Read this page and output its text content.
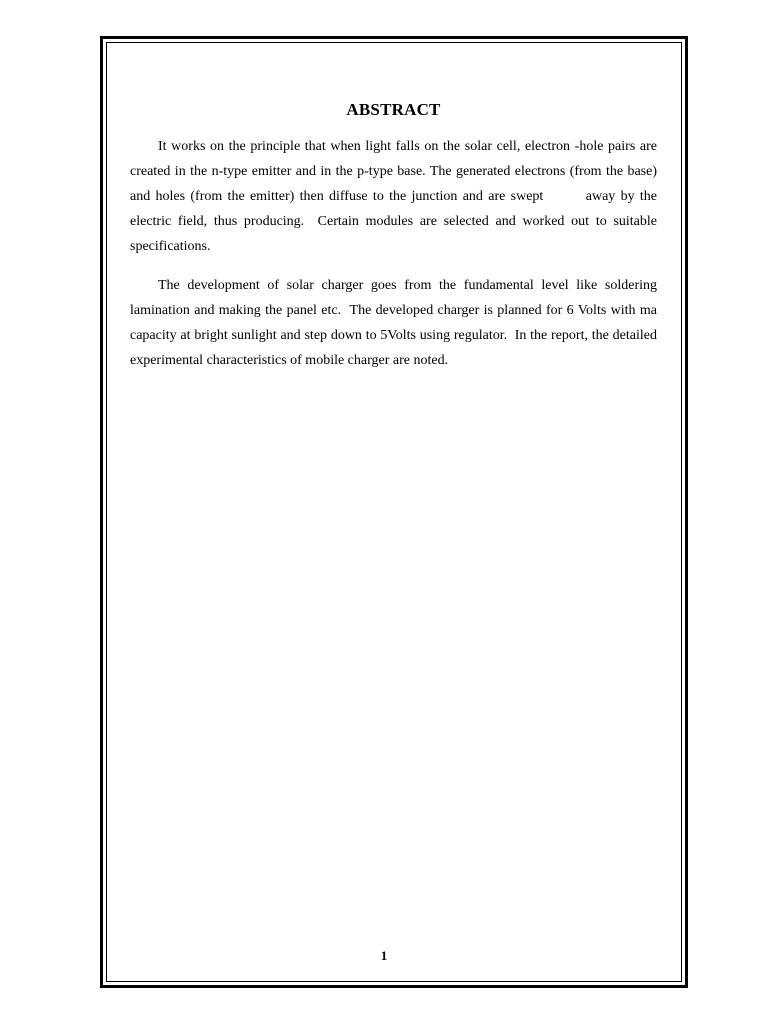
ABSTRACT

It works on the principle that when light falls on the solar cell, electron -hole pairs are created in the n-type emitter and in the p-type base. The generated electrons (from the base) and holes (from the emitter) then diffuse to the junction and are swept        away by the electric field, thus producing.  Certain modules are selected and worked out to suitable specifications.

The development of solar charger goes from the fundamental level like soldering lamination and making the panel etc.  The developed charger is planned for 6 Volts with ma capacity at bright sunlight and step down to 5Volts using regulator.  In the report, the detailed experimental characteristics of mobile charger are noted.

1
